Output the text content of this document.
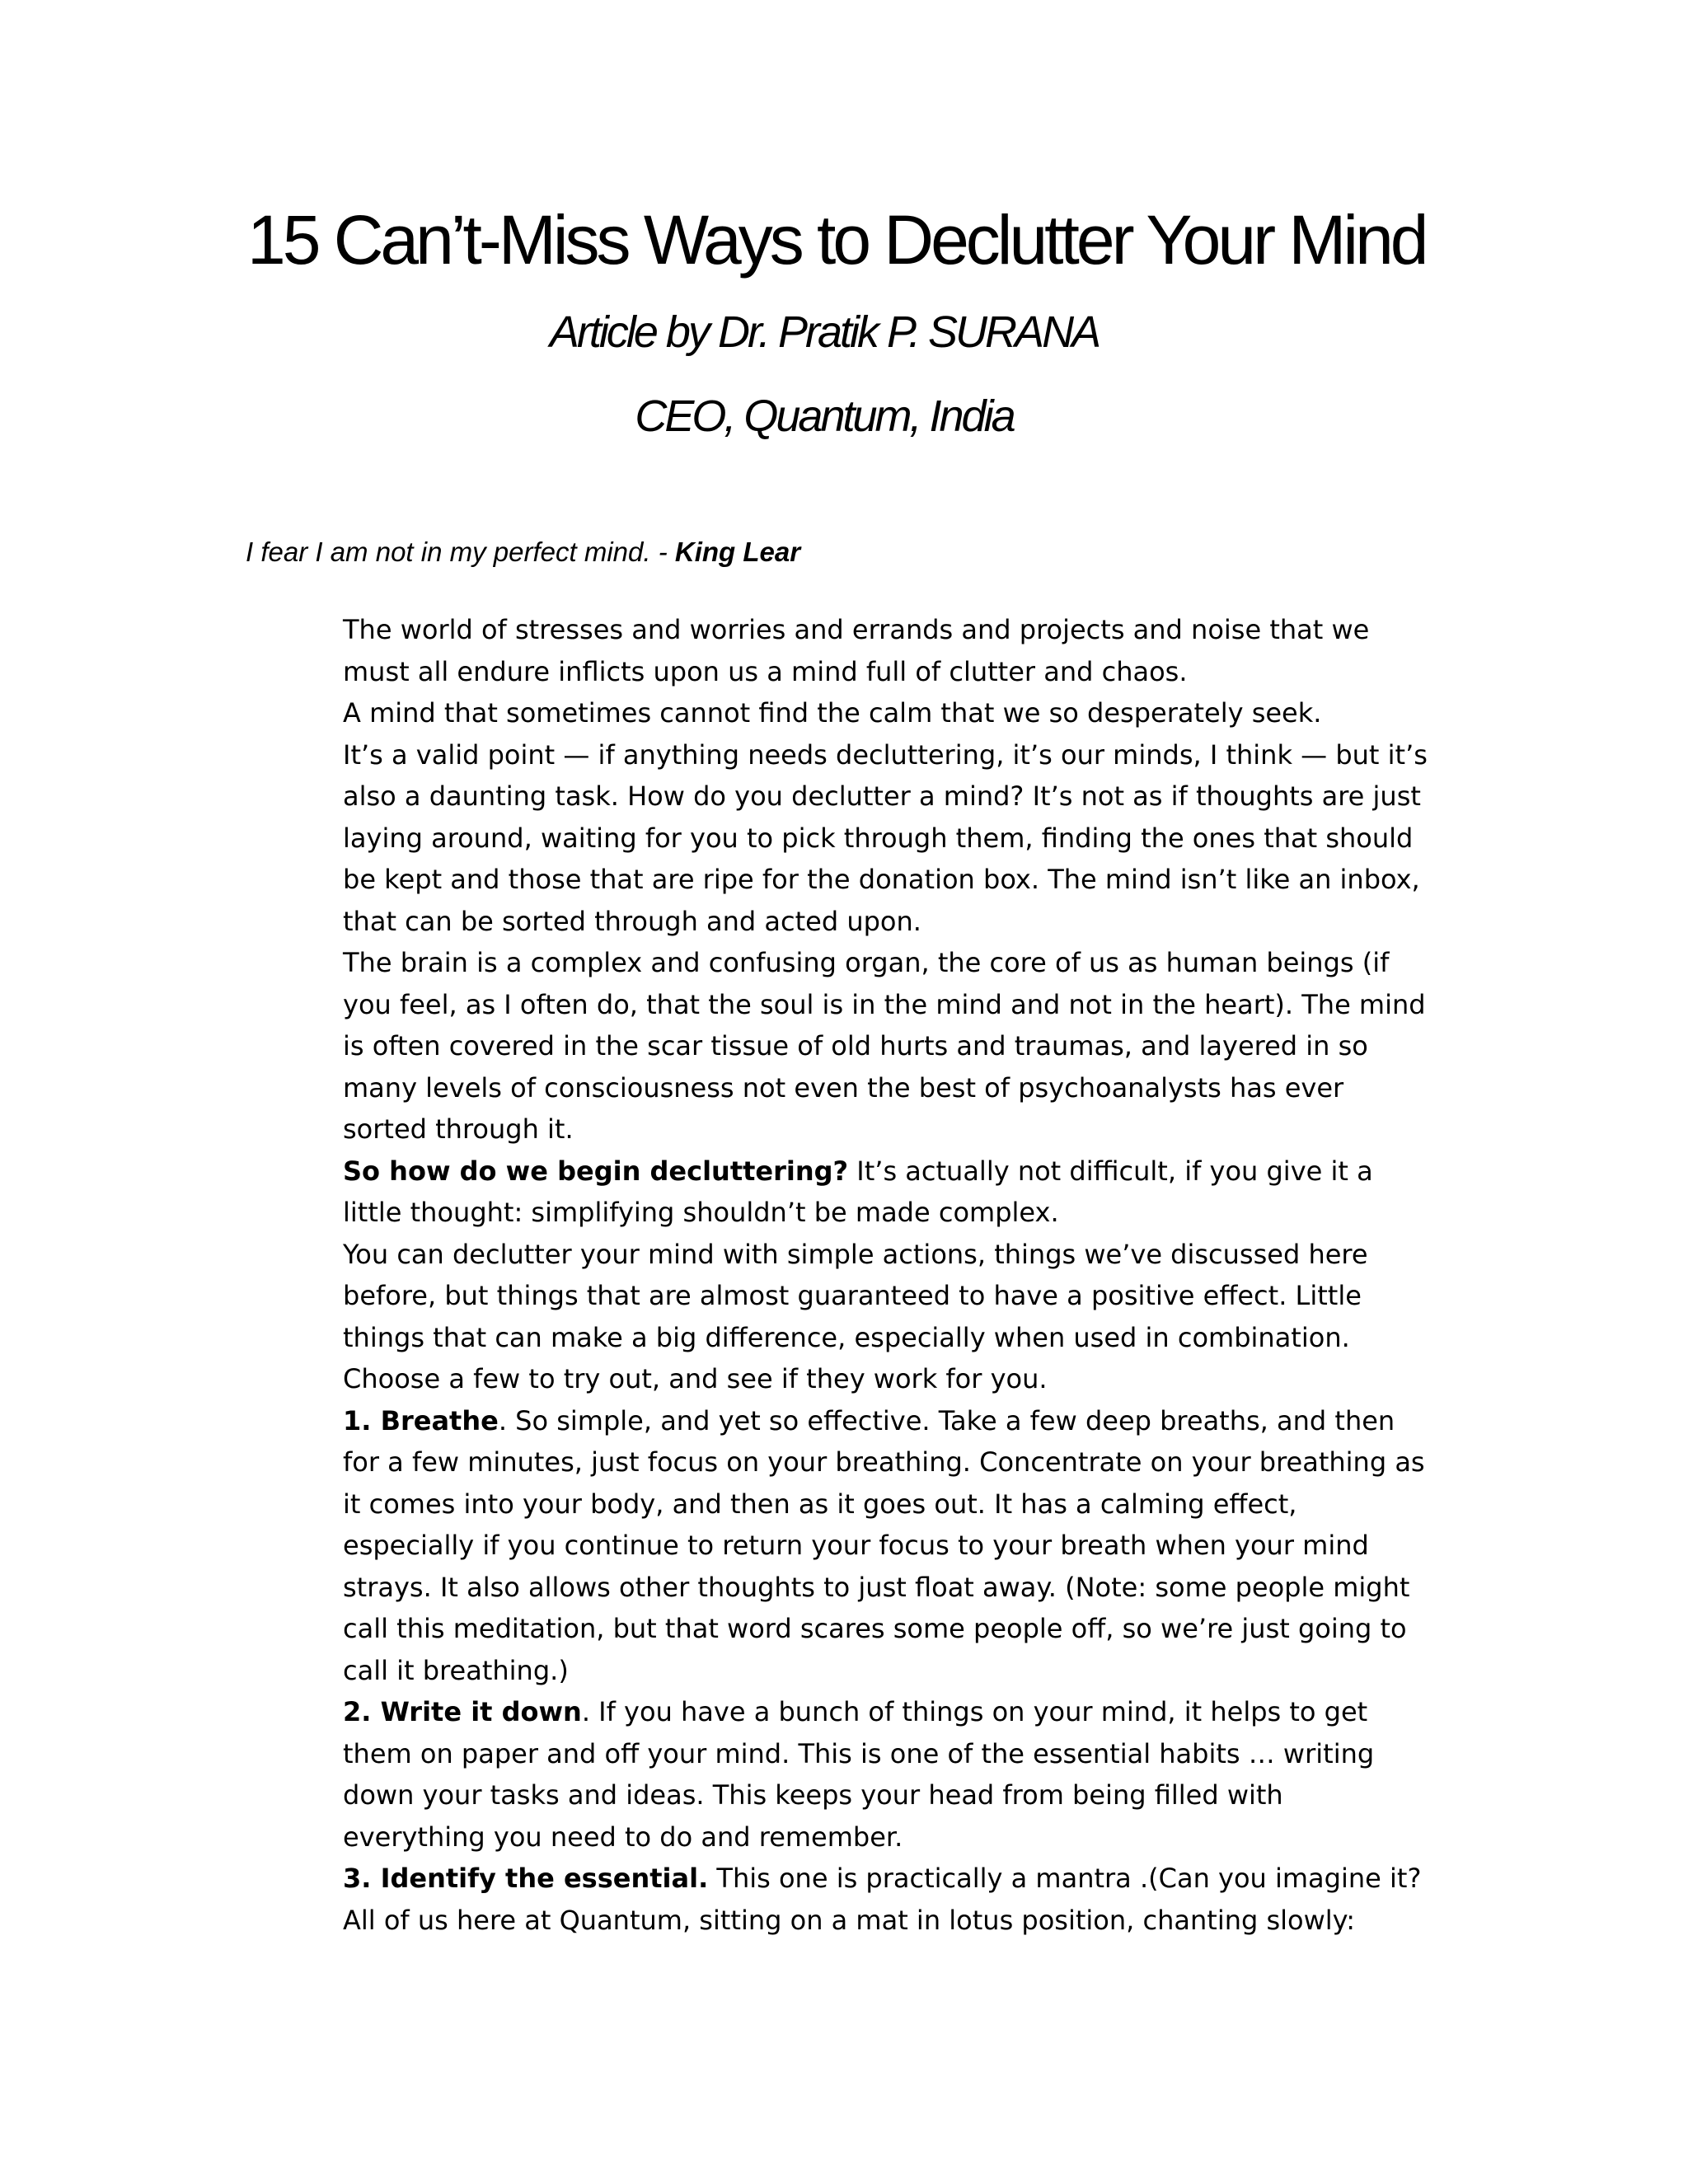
15 Can’t-Miss Ways to Declutter Your Mind
Article by Dr. Pratik P. SURANA
CEO, Quantum, India

I fear I am not in my perfect mind. - King Lear

The world of stresses and worries and errands and projects and noise that we must all endure inflicts upon us a mind full of clutter and chaos.

A mind that sometimes cannot find the calm that we so desperately seek.

It’s a valid point — if anything needs decluttering, it’s our minds, I think — but it’s also a daunting task. How do you declutter a mind? It’s not as if thoughts are just laying around, waiting for you to pick through them, finding the ones that should be kept and those that are ripe for the donation box. The mind isn’t like an inbox, that can be sorted through and acted upon.

The brain is a complex and confusing organ, the core of us as human beings (if you feel, as I often do, that the soul is in the mind and not in the heart). The mind is often covered in the scar tissue of old hurts and traumas, and layered in so many levels of consciousness not even the best of psychoanalysts has ever sorted through it.

So how do we begin decluttering? It’s actually not difficult, if you give it a little thought: simplifying shouldn’t be made complex.

You can declutter your mind with simple actions, things we’ve discussed here before, but things that are almost guaranteed to have a positive effect. Little things that can make a big difference, especially when used in combination.

Choose a few to try out, and see if they work for you.

1. Breathe. So simple, and yet so effective. Take a few deep breaths, and then for a few minutes, just focus on your breathing. Concentrate on your breathing as it comes into your body, and then as it goes out. It has a calming effect, especially if you continue to return your focus to your breath when your mind strays. It also allows other thoughts to just float away. (Note: some people might call this meditation, but that word scares some people off, so we’re just going to call it breathing.)

2. Write it down. If you have a bunch of things on your mind, it helps to get them on paper and off your mind. This is one of the essential habits … writing down your tasks and ideas. This keeps your head from being filled with everything you need to do and remember.

3. Identify the essential. This one is practically a mantra .(Can you imagine it? All of us here at Quantum, sitting on a mat in lotus position, chanting slowly:
